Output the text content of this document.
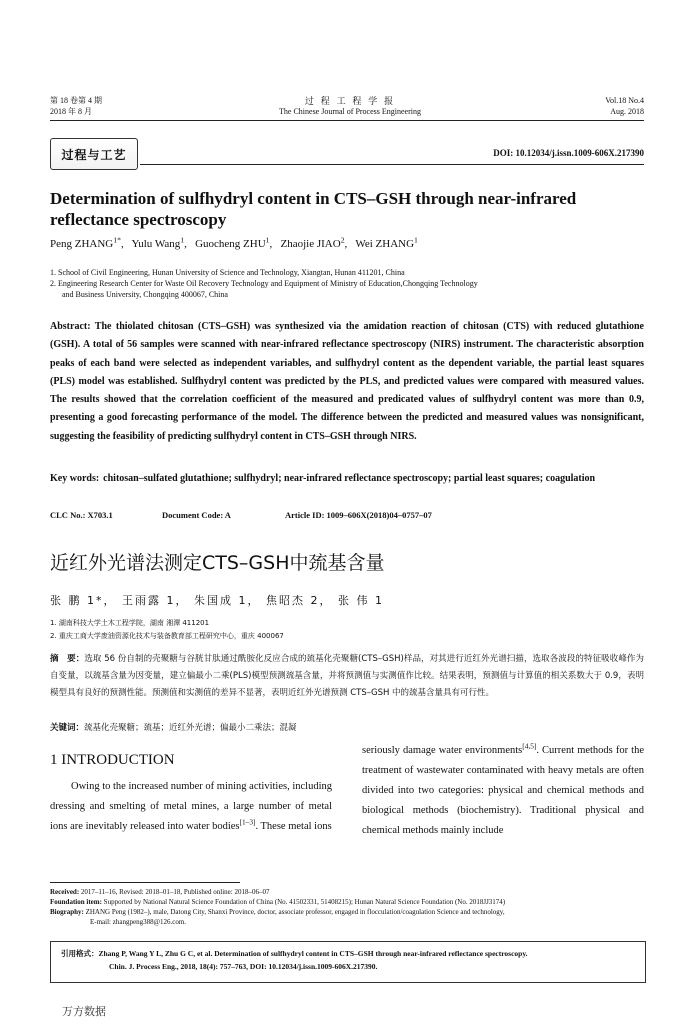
第 18 卷第 4 期
2018 年 8 月
过 程 工 程 学 报
The Chinese Journal of Process Engineering
Vol.18 No.4
Aug. 2018
过程与工艺	DOI: 10.12034/j.issn.1009-606X.217390
Determination of sulfhydryl content in CTS–GSH through near-infrared reflectance spectroscopy
Peng $ZHANG^{1*}$,   Yulu Wang$^1$,   Guocheng ZHU$^1$,   Zhaojie JIAO$^2$,   Wei ZHANG$^1$
1. School of Civil Engineering, Hunan University of Science and Technology, Xiangtan, Hunan 411201, China
2. Engineering Research Center for Waste Oil Recovery Technology and Equipment of Ministry of Education,Chongqing Technology
and Business University, Chongqing 400067, China
Abstract: The thiolated chitosan (CTS–GSH) was synthesized via the amidation reaction of chitosan (CTS) with reduced glutathione (GSH). A total of 56 samples were scanned with near-infrared reflectance spectroscopy (NIRS) instrument. The characteristic absorption peaks of each band were selected as independent variables, and sulfhydryl content as the dependent variable, the partial least squares (PLS) model was established. Sulfhydryl content was predicted by the PLS, and predicted values were compared with measured values. The results showed that the correlation coefficient of the measured and predicated values of sulfhydryl content was more than 0.9, presenting a good forecasting performance of the model. The difference between the predicted and measured values was nonsignificant, suggesting the feasibility of predicting sulfhydryl content in CTS–GSH through NIRS.
Key words: chitosan–sulfated glutathione; sulfhydryl; near-infrared reflectance spectroscopy; partial least squares; coagulation
CLC No.: X703.1	Document Code: A	Article ID: 1009–606X(2018)04–0757–07
近红外光谱法测定CTS–GSH中巯基含量
张 鹏 1*， 王雨露 1， 朱国成 1， 焦昭杰 2， 张 伟 1
1. 湖南科技大学土木工程学院，湖南 湘潭 411201
2. 重庆工商大学废油资源化技术与装备教育部工程研究中心，重庆 400067
摘　要：选取 56 份自制的壳聚糖与谷胱甘肽通过酰胺化反应合成的巯基化壳聚糖(CTS–GSH)样品，对其进行近红外光谱扫描，选取各波段的特征吸收峰作为自变量，以巯基含量为因变量，建立偏最小二乘(PLS)模型预测巯基含量，并将预测值与实测值作比较。结果表明，预测值与计算值的相关系数大于 0.9，表明模型具有良好的预测性能。预测值和实测值的差异不显著，表明近红外光谱预测 CTS–GSH 中的巯基含量具有可行性。
关键词：巯基化壳聚糖；巯基；近红外光谱；偏最小二乘法；混凝
1 INTRODUCTION
Owing to the increased number of mining activities, including dressing and smelting of metal mines, a large number of metal ions are inevitably released into water bodies[1–3]. These metal ions
seriously damage water environments[4,5]. Current methods for the treatment of wastewater contaminated with heavy metals are often divided into two categories: physical and chemical methods and biological methods (biochemistry). Traditional physical and chemical methods mainly include
Received: 2017–11–16, Revised: 2018–01–18, Published online: 2018–06–07
Foundation item: Supported by National Natural Science Foundation of China (No. 41502331, 51408215); Hunan Natural Science Foundation (No. 2018JJ3174)
Biography: ZHANG Peng (1982–), male, Datong City, Shanxi Province, doctor, associate professor, engaged in flocculation/coagulation Science and technology,
E-mail: zhangpeng388@126.com.
引用格式：Zhang P, Wang Y L, Zhu G C, et al. Determination of sulfhydryl content in CTS–GSH through near-infrared reflectance spectroscopy.
Chin. J. Process Eng., 2018, 18(4): 757–763, DOI: 10.12034/j.issn.1009-606X.217390.
万方数据
